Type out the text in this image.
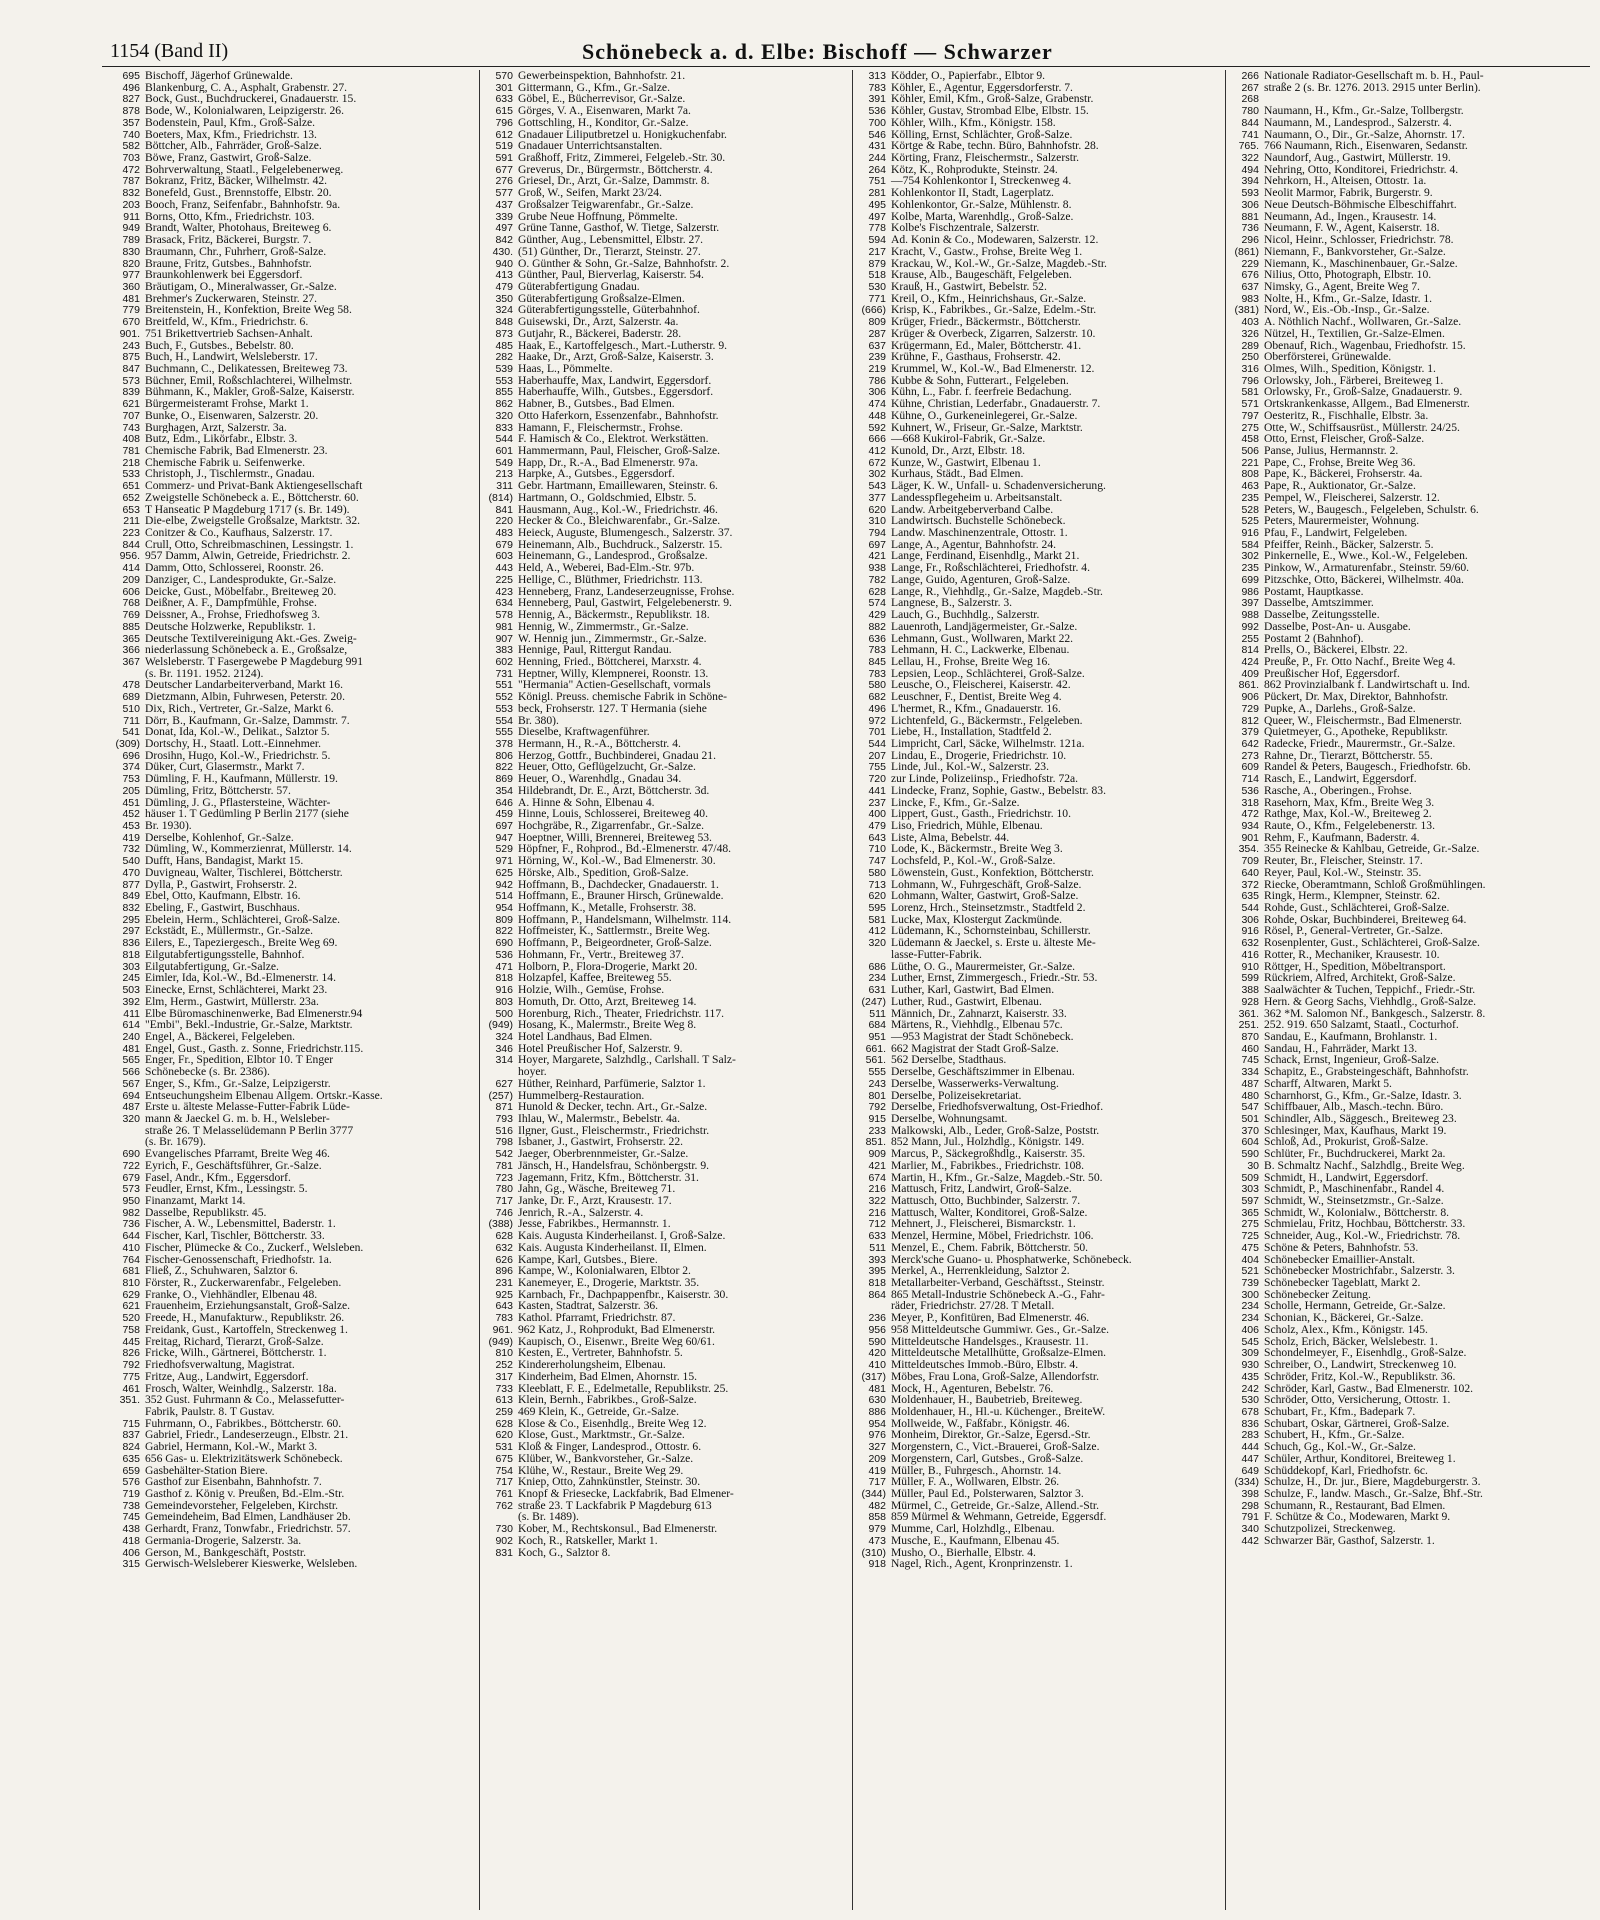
1154 (Band II)	Schönebeck a. d. Elbe: Bischoff — Schwarzer
695 Bischoff, Jägerhof Grünewalde.
496 Blankenburg, C. A., Asphalt, Grabenstr. 27.
827 Bock, Gust., Buchdruckerei, Gnadauerstr. 15.
878 Bode, W., Kolonialwaren, Leipzigerstr. 26.
357 Bodenstein, Paul, Kfm., Groß-Salze.
740 Boeters, Max, Kfm., Friedrichstr. 13.
582 Böttcher, Alb., Fahrräder, Groß-Salze.
703 Böwe, Franz, Gastwirt, Groß-Salze.
472 Bohrverwaltung, Staatl., Felgelebenerweg.
787 Bokranz, Fritz, Bäcker, Wilhelmstr. 42.
832 Bonefeld, Gust., Brennstoffe, Elbstr. 20.
203 Booch, Franz, Seifenfabr., Bahnhofstr. 9a.
911 Borns, Otto, Kfm., Friedrichstr. 103.
949 Brandt, Walter, Photohaus, Breiteweg 6.
789 Brasack, Fritz, Bäckerei, Burgstr. 7.
830 Braumann, Chr., Fuhrherr, Groß-Salze.
820 Braune, Fritz, Gutsbes., Bahnhofstr.
977 Braunkohlenwerk bei Eggersdorf.
360 Bräutigam, O., Mineralwasser, Gr.-Salze.
481 Brehmer's Zuckerwaren, Steinstr. 27.
779 Breitenstein, H., Konfektion, Breite Weg 58.
670 Breitfeld, W., Kfm., Friedrichstr. 6.
901. 751 Brikettvertrieb Sachsen-Anhalt.
243 Buch, F., Gutsbes., Bebelstr. 80.
875 Buch, H., Landwirt, Welsleberstr. 17.
847 Buchmann, C., Delikatessen, Breiteweg 73.
573 Büchner, Emil, Roßschlachterei, Wilhelmstr.
839 Bühmann, K., Makler, Groß-Salze, Kaiserstr.
621 Bürgermeisteramt Frohse, Markt 1.
707 Bunke, O., Eisenwaren, Salzerstr. 20.
743 Burghagen, Arzt, Salzerstr. 3a.
408 Butz, Edm., Likörfabr., Elbstr. 3.
781 Chemische Fabrik, Bad Elmenerstr. 23.
218 Chemische Fabrik u. Seifenwerke.
533 Christoph, J., Tischlermstr., Gnadau.
651 Commerz- und Privat-Bank Aktiengesellschaft
652 Zweigstelle Schönebeck a. E., Böttcherstr. 60.
653 T Hanseatic P Magdeburg 1717 (s. Br. 149).
211 Die-elbe, Zweigstelle Großsalze, Marktstr. 32.
223 Conitzer & Co., Kaufhaus, Salzerstr. 17.
844 Crull, Otto, Schreibmaschinen, Lessingstr. 1.
956. 957 Damm, Alwin, Getreide, Friedrichstr. 2.
414 Damm, Otto, Schlosserei, Roonstr. 26.
209 Danziger, C., Landesprodukte, Gr.-Salze.
606 Deicke, Gust., Möbelfabr., Breiteweg 20.
768 Deißner, A. F., Dampfmühle, Frohse.
769 Deissner, A., Frohse, Friedhofsweg 3.
885 Deutsche Holzwerke, Republikstr. 1.
365 Deutsche Textilvereinigung Akt.-Ges. Zweig-
366 niederlassung Schönebeck a. E., Großsalze,
367 Welsleberstr. T Fasergewebe P Magdeburg 991
(s. Br. 1191. 1952. 2124).
478 Deutscher Landarbeiterverband, Markt 16.
689 Dietzmann, Albin, Fuhrwesen, Peterstr. 20.
510 Dix, Rich., Vertreter, Gr.-Salze, Markt 6.
711 Dörr, B., Kaufmann, Gr.-Salze, Dammstr. 7.
541 Donat, Ida, Kol.-W., Delikat., Salztor 5.
(309) Dortschy, H., Staatl. Lott.-Einnehmer.
696 Drosihn, Hugo, Kol.-W., Friedrichstr. 5.
374 Düker, Curt, Glasermstr., Markt 7.
753 Dümling, F. H., Kaufmann, Müllerstr. 19.
205 Dümling, Fritz, Böttcherstr. 57.
451 Dümling, J. G., Pflastersteine, Wächter-
452 häuser 1. T Gedümling P Berlin 2177 (siehe
453 Br. 1930).
419 Derselbe, Kohlenhof, Gr.-Salze.
732 Dümling, W., Kommerzienrat, Müllerstr. 14.
540 Dufft, Hans, Bandagist, Markt 15.
470 Duvigneau, Walter, Tischlerei, Böttcherstr.
877 Dylla, P., Gastwirt, Frohserstr. 2.
849 Ebel, Otto, Kaufmann, Elbstr. 16.
832 Ebeling, F., Gastwirt, Buschhaus.
295 Ebelein, Herm., Schlächterei, Groß-Salze.
297 Eckstädt, E., Müllermstr., Gr.-Salze.
836 Eilers, E., Tapeziergesch., Breite Weg 69.
818 Eilgutabfertigungsstelle, Bahnhof.
303 Eilgutabfertigung, Gr.-Salze.
245 Eimler, Ida, Kol.-W., Bd.-Elmenerstr. 14.
503 Einecke, Ernst, Schlächterei, Markt 23.
392 Elm, Herm., Gastwirt, Müllerstr. 23a.
411 Elbe Büromaschinenwerke, Bad Elmenerstr.94
614 "Embi", Bekl.-Industrie, Gr.-Salze, Marktstr.
240 Engel, A., Bäckerei, Felgeleben.
481 Engel, Gust., Gasth. z. Sonne, Friedrichstr.115.
565 Enger, Fr., Spedition, Elbtor 10. T Enger
566 Schönebecke (s. Br. 2386).
567 Enger, S., Kfm., Gr.-Salze, Leipzigerstr.
694 Entseuchungsheim Elbenau Allgem. Ortskr.-Kasse.
487 Erste u. älteste Melasse-Futter-Fabrik Lüde-
320 mann & Jaeckel G. m. b. H., Welsleber-
straße 26. T Melasselüdemann P Berlin 3777
(s. Br. 1679).
690 Evangelisches Pfarramt, Breite Weg 46.
722 Eyrich, F., Geschäftsführer, Gr.-Salze.
679 Fasel, Andr., Kfm., Eggersdorf.
573 Feudler, Ernst, Kfm., Lessingstr. 5.
950 Finanzamt, Markt 14.
982 Dasselbe, Republikstr. 45.
736 Fischer, A. W., Lebensmittel, Baderstr. 1.
644 Fischer, Karl, Tischler, Böttcherstr. 33.
410 Fischer, Plümecke & Co., Zuckerf., Welsleben.
764 Fischer-Genossenschaft, Friedhofstr. 1a.
681 Fließ, Z., Schuhwaren, Salztor 6.
810 Förster, R., Zuckerwarenfabr., Felgeleben.
629 Franke, O., Viehhändler, Elbenau 48.
621 Frauenheim, Erziehungsanstalt, Groß-Salze.
520 Freede, H., Manufakturw., Republikstr. 26.
758 Freidank, Gust., Kartoffeln, Streckenweg 1.
445 Freitag, Richard, Tierarzt, Groß-Salze.
826 Fricke, Wilh., Gärtnerei, Böttcherstr. 1.
792 Friedhofsverwaltung, Magistrat.
775 Fritze, Aug., Landwirt, Eggersdorf.
461 Frosch, Walter, Weinhdlg., Salzerstr. 18a.
351. 352 Gust. Fuhrmann & Co., Melassefutter-
Fabrik, Paulstr. 8. T Gustav.
715 Fuhrmann, O., Fabrikbes., Böttcherstr. 60.
837 Gabriel, Friedr., Landeserzeugn., Elbstr. 21.
824 Gabriel, Hermann, Kol.-W., Markt 3.
635 656 Gas- u. Elektrizitätswerk Schönebeck.
659 Gasbehälter-Station Biere.
576 Gasthof zur Eisenbahn, Bahnhofstr. 7.
719 Gasthof z. König v. Preußen, Bd.-Elm.-Str.
738 Gemeindevorsteher, Felgeleben, Kirchstr.
745 Gemeindeheim, Bad Elmen, Landhäuser 2b.
438 Gerhardt, Franz, Tonwfabr., Friedrichstr. 57.
418 Germania-Drogerie, Salzerstr. 3a.
406 Gerson, M., Bankgeschäft, Poststr.
315 Gerwisch-Welsleberer Kieswerke, Welsleben.
570 Gewerbeinspektion, Bahnhofstr. 21.
301 Gittermann, G., Kfm., Gr.-Salze.
633 Göbel, E., Bücherrevisor, Gr.-Salze.
615 Görges, V. A., Eisenwaren, Markt 7a.
796 Gottschling, H., Konditor, Gr.-Salze.
612 Gnadauer Liliputbretzel u. Honigkuchenfabr.
519 Gnadauer Unterrichtsanstalten.
591 Graßhoff, Fritz, Zimmerei, Felgeleb.-Str. 30.
677 Greverus, Dr., Bürgermstr., Böttcherstr. 4.
276 Griesel, Dr., Arzt, Gr.-Salze, Dammstr. 8.
577 Groß, W., Seifen, Markt 23/24.
437 Großsalzer Teigwarenfabr., Gr.-Salze.
339 Grube Neue Hoffnung, Pömmelte.
497 Grüne Tanne, Gasthof, W. Tietge, Salzerstr.
842 Günther, Aug., Lebensmittel, Elbstr. 27.
430. (51) Günther, Dr., Tierarzt, Steinstr. 27.
940 O. Günther & Sohn, Gr.-Salze, Bahnhofstr. 2.
413 Günther, Paul, Bierverlag, Kaiserstr. 54.
479 Güterabfertigung Gnadau.
350 Güterabfertigung Großsalze-Elmen.
324 Güterabfertigungsstelle, Güterbahnhof.
848 Guisewski, Dr., Arzt, Salzerstr. 4a.
873 Gutjahr, R., Bäckerei, Baderstr. 28.
485 Haak, E., Kartoffelgesch., Mart.-Lutherstr. 9.
282 Haake, Dr., Arzt, Groß-Salze, Kaiserstr. 3.
539 Haas, L., Pömmelte.
553 Haberhauffe, Max, Landwirt, Eggersdorf.
855 Haberhauffe, Wilh., Gutsbes., Eggersdorf.
862 Habner, B., Gutsbes., Bad Elmen.
320 Otto Haferkorn, Essenzenfabr., Bahnhofstr.
833 Hamann, F., Fleischermstr., Frohse.
544 F. Hamisch & Co., Elektrot. Werkstätten.
601 Hammermann, Paul, Fleischer, Groß-Salze.
549 Happ, Dr., R.-A., Bad Elmenerstr. 97a.
213 Harpke, A., Gutsbes., Eggersdorf.
311 Gebr. Hartmann, Emaillewaren, Steinstr. 6.
(814) Hartmann, O., Goldschmied, Elbstr. 5.
841 Hausmann, Aug., Kol.-W., Friedrichstr. 46.
220 Hecker & Co., Bleichwarenfabr., Gr.-Salze.
483 Heieck, Auguste, Blumengesch., Salzerstr. 37.
679 Heinemann, Alb., Buchdruck., Salzerstr. 15.
603 Heinemann, G., Landesprod., Großsalze.
443 Held, A., Weberei, Bad-Elm.-Str. 97b.
225 Hellige, C., Blüthmer, Friedrichstr. 113.
423 Henneberg, Franz, Landeserzeugnisse, Frohse.
634 Henneberg, Paul, Gastwirt, Felgelebenerstr. 9.
578 Hennig, A., Bäckermstr., Republikstr. 18.
981 Hennig, W., Zimmermstr., Gr.-Salze.
907 W. Hennig jun., Zimmermstr., Gr.-Salze.
383 Hennige, Paul, Rittergut Randau.
602 Henning, Fried., Böttcherei, Marxstr. 4.
731 Heptner, Willy, Klempnerei, Roonstr. 13.
551 "Hermania" Actien-Gesellschaft, vormals
552 Königl. Preuss. chemische Fabrik in Schöne-
553 beck, Frohserstr. 127. T Hermania (siehe
554 Br. 380).
555 Dieselbe, Kraftwagenführer.
378 Hermann, H., R.-A., Böttcherstr. 4.
806 Herzog, Gottfr., Buchbinderei, Gnadau 21.
822 Heuer, Otto, Geflügelzucht, Gr.-Salze.
869 Heuer, O., Warenhdlg., Gnadau 34.
354 Hildebrandt, Dr. E., Arzt, Böttcherstr. 3d.
646 A. Hinne & Sohn, Elbenau 4.
459 Hinne, Louis, Schlosserei, Breiteweg 40.
697 Hochgräbe, R., Zigarrenfabr., Gr.-Salze.
947 Hoeptner, Willi, Brennerei, Breiteweg 53.
529 Höpfner, F., Rohprod., Bd.-Elmenerstr. 47/48.
971 Hörning, W., Kol.-W., Bad Elmenerstr. 30.
625 Hörske, Alb., Spedition, Groß-Salze.
942 Hoffmann, B., Dachdecker, Gnadauerstr. 1.
514 Hoffmann, E., Brauner Hirsch, Grünewalde.
954 Hoffmann, K., Metalle, Frohserstr. 38.
809 Hoffmann, P., Handelsmann, Wilhelmstr. 114.
822 Hoffmeister, K., Sattlermstr., Breite Weg.
690 Hoffmann, P., Beigeordneter, Groß-Salze.
536 Hohmann, Fr., Vertr., Breiteweg 37.
471 Holborn, P., Flora-Drogerie, Markt 20.
818 Holzapfel, Kaffee, Breiteweg 55.
916 Holzie, Wilh., Gemüse, Frohse.
803 Homuth, Dr. Otto, Arzt, Breiteweg 14.
500 Horenburg, Rich., Theater, Friedrichstr. 117.
(949) Hosang, K., Malermstr., Breite Weg 8.
324 Hotel Landhaus, Bad Elmen.
346 Hotel Preußischer Hof, Salzerstr. 9.
314 Hoyer, Margarete, Salzhdlg., Carlshall. T Salz-
hoyer.
627 Hüther, Reinhard, Parfümerie, Salztor 1.
(257) Hummelberg-Restauration.
871 Hunold & Decker, techn. Art., Gr.-Salze.
793 Ihlau, W., Malermstr., Bebelstr. 4a.
516 Ilgner, Gust., Fleischermstr., Friedrichstr.
798 Isbaner, J., Gastwirt, Frohserstr. 22.
542 Jaeger, Oberbrennmeister, Gr.-Salze.
781 Jänsch, H., Handelsfrau, Schönbergstr. 9.
723 Jagemann, Fritz, Kfm., Böttcherstr. 31.
780 Jahn, Gg., Wäsche, Breiteweg 71.
717 Janke, Dr. F., Arzt, Krausestr. 17.
746 Jenrich, R.-A., Salzerstr. 4.
(388) Jesse, Fabrikbes., Hermannstr. 1.
628 Kais. Augusta Kinderheilanst. I, Groß-Salze.
632 Kais. Augusta Kinderheilanst. II, Elmen.
626 Kampe, Karl, Gutsbes., Biere.
896 Kampe, W., Kolonialwaren, Elbtor 2.
231 Kanemeyer, E., Drogerie, Marktstr. 35.
925 Karnbach, Fr., Dachpappenfbr., Kaiserstr. 30.
643 Kasten, Stadtrat, Salzerstr. 36.
783 Kathol. Pfarramt, Friedrichstr. 87.
961. 962 Katz, J., Rohprodukt, Bad Elmenerstr.
(949) Kaupisch, O., Eisenwr., Breite Weg 60/61.
810 Kesten, E., Vertreter, Bahnhofstr. 5.
252 Kindererholungsheim, Elbenau.
317 Kinderheim, Bad Elmen, Ahornstr. 15.
733 Kleeblatt, F. E., Edelmetalle, Republikstr. 25.
613 Klein, Bernh., Fabrikbes., Groß-Salze.
259 469 Klein, K., Getreide, Gr.-Salze.
628 Klose & Co., Eisenhdlg., Breite Weg 12.
620 Klose, Gust., Marktmstr., Gr.-Salze.
531 Kloß & Finger, Landesprod., Ottostr. 6.
675 Klüber, W., Bankvorsteher, Gr.-Salze.
754 Klühe, W., Restaur., Breite Weg 29.
717 Kniep, Otto, Zahnkünstler, Steinstr. 30.
761 Knopf & Friesecke, Lackfabrik, Bad Elmener-
762 straße 23. T Lackfabrik P Magdeburg 613
(s. Br. 1489).
730 Kober, M., Rechtskonsul., Bad Elmenerstr.
902 Koch, R., Ratskeller, Markt 1.
831 Koch, G., Salztor 8.
313 Ködder, O., Papierfabr., Elbtor 9.
783 Köhler, E., Agentur, Eggersdorferstr. 7.
391 Köhler, Emil, Kfm., Groß-Salze, Grabenstr.
536 Köhler, Gustav, Strombad Elbe, Elbstr. 15.
700 Köhler, Wilh., Kfm., Königstr. 158.
546 Kölling, Ernst, Schlächter, Groß-Salze.
431 Körtge & Rabe, techn. Büro, Bahnhofstr. 28.
244 Körting, Franz, Fleischermstr., Salzerstr.
264 Kötz, K., Rohprodukte, Steinstr. 24.
751 —754 Kohlenkontor I, Streckenweg 4.
281 Kohlenkontor II, Stadt, Lagerplatz.
495 Kohlenkontor, Gr.-Salze, Mühlenstr. 8.
497 Kolbe, Marta, Warenhdlg., Groß-Salze.
778 Kolbe's Fischzentrale, Salzerstr.
594 Ad. Konin & Co., Modewaren, Salzerstr. 12.
217 Kracht, V., Gastw., Frohse, Breite Weg 1.
879 Krackau, W., Kol.-W., Gr.-Salze, Magdeb.-Str.
518 Krause, Alb., Baugeschäft, Felgeleben.
530 Krauß, H., Gastwirt, Bebelstr. 52.
771 Kreil, O., Kfm., Heinrichshaus, Gr.-Salze.
(666) Krisp, K., Fabrikbes., Gr.-Salze, Edelm.-Str.
809 Krüger, Friedr., Bäckermstr., Böttcherstr.
287 Krüger & Overbeck, Zigarren, Salzerstr. 10.
637 Krügermann, Ed., Maler, Böttcherstr. 41.
239 Krühne, F., Gasthaus, Frohserstr. 42.
219 Krummel, W., Kol.-W., Bad Elmenerstr. 12.
786 Kubbe & Sohn, Futterart., Felgeleben.
306 Kühn, L., Fabr. f. feerfreie Bedachung.
474 Kühne, Christian, Lederfabr., Gnadauerstr. 7.
448 Kühne, O., Gurkeneinlegerei, Gr.-Salze.
592 Kuhnert, W., Friseur, Gr.-Salze, Marktstr.
666 —668 Kukirol-Fabrik, Gr.-Salze.
412 Kunold, Dr., Arzt, Elbstr. 18.
672 Kunze, W., Gastwirt, Elbenau 1.
302 Kurhaus, Städt., Bad Elmen.
543 Läger, K. W., Unfall- u. Schadenversicherung.
377 Landesspflegeheim u. Arbeitsanstalt.
620 Landw. Arbeitgeberverband Calbe.
310 Landwirtsch. Buchstelle Schönebeck.
794 Landw. Maschinenzentrale, Ottostr. 1.
697 Lange, A., Agentur, Bahnhofstr. 24.
421 Lange, Ferdinand, Eisenhdlg., Markt 21.
938 Lange, Fr., Roßschlächterei, Friedhofstr. 4.
782 Lange, Guido, Agenturen, Groß-Salze.
628 Lange, R., Viehhdlg., Gr.-Salze, Magdeb.-Str.
574 Langnese, B., Salzerstr. 3.
429 Lauch, G., Buchhdlg., Salzerstr.
882 Lauenroth, Landjägermeister, Gr.-Salze.
636 Lehmann, Gust., Wollwaren, Markt 22.
783 Lehmann, H. C., Lackwerke, Elbenau.
845 Lellau, H., Frohse, Breite Weg 16.
783 Lepsien, Leop., Schlächterei, Groß-Salze.
580 Leusche, O., Fleischerei, Kaiserstr. 42.
682 Leuschner, F., Dentist, Breite Weg 4.
496 L'hermet, R., Kfm., Gnadauerstr. 16.
972 Lichtenfeld, G., Bäckermstr., Felgeleben.
701 Liebe, H., Installation, Stadtfeld 2.
544 Limpricht, Carl, Säcke, Wilhelmstr. 121a.
207 Lindau, E., Drogerie, Friedrichstr. 10.
755 Linde, Jul., Kol.-W., Salzerstr. 23.
720 zur Linde, Polizeiinsp., Friedhofstr. 72a.
441 Lindecke, Franz, Sophie, Gastw., Bebelstr. 83.
237 Lincke, F., Kfm., Gr.-Salze.
400 Lippert, Gust., Gasth., Friedrichstr. 10.
479 Liso, Friedrich, Mühle, Elbenau.
643 Liste, Alma, Bebelstr. 44.
710 Lode, K., Bäckermstr., Breite Weg 3.
747 Lochsfeld, P., Kol.-W., Groß-Salze.
580 Löwenstein, Gust., Konfektion, Böttcherstr.
713 Lohmann, W., Fuhrgeschäft, Groß-Salze.
620 Lohmann, Walter, Gastwirt, Groß-Salze.
595 Lorenz, Hrch., Steinsetzmstr., Stadtfeld 2.
581 Lucke, Max, Klostergut Zackmünde.
412 Lüdemann, K., Schornsteinbau, Schillerstr.
320 Lüdemann & Jaeckel, s. Erste u. älteste Me-
lasse-Futter-Fabrik.
686 Lüthe, O. G., Maurermeister, Gr.-Salze.
234 Luther, Ernst, Zimmergesch., Friedr.-Str. 53.
631 Luther, Karl, Gastwirt, Bad Elmen.
(247) Luther, Rud., Gastwirt, Elbenau.
511 Männich, Dr., Zahnarzt, Kaiserstr. 33.
684 Märtens, R., Viehhdlg., Elbenau 57c.
951 —953 Magistrat der Stadt Schönebeck.
661. 662 Magistrat der Stadt Groß-Salze.
561. 562 Derselbe, Stadthaus.
555 Derselbe, Geschäftszimmer in Elbenau.
243 Derselbe, Wasserwerks-Verwaltung.
801 Derselbe, Polizeisekretariat.
792 Derselbe, Friedhofsverwaltung, Ost-Friedhof.
915 Derselbe, Wohnungsamt.
233 Malkowski, Alb., Leder, Groß-Salze, Poststr.
851. 852 Mann, Jul., Holzhdlg., Königstr. 149.
909 Marcus, P., Säckegroßhdlg., Kaiserstr. 35.
421 Marlier, M., Fabrikbes., Friedrichstr. 108.
674 Martin, H., Kfm., Gr.-Salze, Magdeb.-Str. 50.
216 Mattusch, Fritz, Landwirt, Groß-Salze.
322 Mattusch, Otto, Buchbinder, Salzerstr. 7.
216 Mattusch, Walter, Konditorei, Groß-Salze.
712 Mehnert, J., Fleischerei, Bismarckstr. 1.
633 Menzel, Hermine, Möbel, Friedrichstr. 106.
511 Menzel, E., Chem. Fabrik, Böttcherstr. 50.
393 Merck'sche Guano- u. Phosphatwerke, Schönebeck.
395 Merkel, A., Herrenkleidung, Salztor 2.
818 Metallarbeiter-Verband, Geschäftsst., Steinstr.
864 865 Metall-Industrie Schönebeck A.-G., Fahr-
räder, Friedrichstr. 27/28. T Metall.
236 Meyer, P., Konfitüren, Bad Elmenerstr. 46.
956 958 Mitteldeutsche Gummiwr. Ges., Gr.-Salze.
590 Mitteldeutsche Handelsges., Krausestr. 11.
420 Mitteldeutsche Metallhütte, Großsalze-Elmen.
410 Mitteldeutsches Immob.-Büro, Elbstr. 4.
(317) Möbes, Frau Lona, Groß-Salze, Allendorfstr.
481 Mock, H., Agenturen, Bebelstr. 76.
630 Moldenhauer, H., Baubetrieb, Breiteweg.
886 Moldenhauer, H., Hl.-u. Küchenger., BreiteW.
954 Mollweide, W., Faßfabr., Königstr. 46.
976 Monheim, Direktor, Gr.-Salze, Egersd.-Str.
327 Morgenstern, C., Vict.-Brauerei, Groß-Salze.
209 Morgenstern, Carl, Gutsbes., Groß-Salze.
419 Müller, B., Fuhrgesch., Ahornstr. 14.
717 Müller, F. A., Wollwaren, Elbstr. 26.
(344) Müller, Paul Ed., Polsterwaren, Salztor 3.
482 Mürmel, C., Getreide, Gr.-Salze, Allend.-Str.
858 859 Mürmel & Wehmann, Getreide, Eggersdf.
979 Mumme, Carl, Holzhdlg., Elbenau.
473 Musche, E., Kaufmann, Elbenau 45.
(310) Musho, O., Bierhalle, Elbstr. 4.
918 Nagel, Rich., Agent, Kronprinzenstr. 1.
266 Nationale Radiator-Gesellschaft m. b. H., Paul-
267 straße 2 (s. Br. 1276. 2013. 2915 unter Berlin).
268
780 Naumann, H., Kfm., Gr.-Salze, Tollbergstr.
844 Naumann, M., Landesprod., Salzerstr. 4.
741 Naumann, O., Dir., Gr.-Salze, Ahornstr. 17.
765. 766 Naumann, Rich., Eisenwaren, Sedanstr.
322 Naundorf, Aug., Gastwirt, Müllerstr. 19.
494 Nehring, Otto, Konditorei, Friedrichstr. 4.
394 Nehrkorn, H., Alteisen, Ottostr. 1a.
593 Neolit Marmor, Fabrik, Burgerstr. 9.
306 Neue Deutsch-Böhmische Elbeschiffahrt.
881 Neumann, Ad., Ingen., Krausestr. 14.
736 Neumann, F. W., Agent, Kaiserstr. 18.
296 Nicol, Heinr., Schlosser, Friedrichstr. 78.
(861) Niemann, F., Bankvorsteher, Gr.-Salze.
229 Niemann, K., Maschinenbauer, Gr.-Salze.
676 Nilius, Otto, Photograph, Elbstr. 10.
637 Nimsky, G., Agent, Breite Weg 7.
983 Nolte, H., Kfm., Gr.-Salze, Idastr. 1.
(381) Nord, W., Eis.-Ob.-Insp., Gr.-Salze.
403 A. Nöthlich Nachf., Wollwaren, Gr.-Salze.
326 Nützel, H., Textilien, Gr.-Salze-Elmen.
289 Obenauf, Rich., Wagenbau, Friedhofstr. 15.
250 Oberförsterei, Grünewalde.
316 Olmes, Wilh., Spedition, Königstr. 1.
796 Orlowsky, Joh., Färberei, Breiteweg 1.
581 Orlowsky, Fr., Groß-Salze, Gnadauerstr. 9.
571 Ortskrankenkasse, Allgem., Bad Elmenerstr.
797 Oesteritz, R., Fischhalle, Elbstr. 3a.
275 Otte, W., Schiffsausrüst., Müllerstr. 24/25.
458 Otto, Ernst, Fleischer, Groß-Salze.
506 Panse, Julius, Hermannstr. 2.
221 Pape, C., Frohse, Breite Weg 36.
808 Pape, K., Bäckerei, Frohserstr. 4a.
463 Pape, R., Auktionator, Gr.-Salze.
235 Pempel, W., Fleischerei, Salzerstr. 12.
528 Peters, W., Baugesch., Felgeleben, Schulstr. 6.
525 Peters, Maurermeister, Wohnung.
916 Pfau, F., Landwirt, Felgeleben.
584 Pfeiffer, Reinh., Bäcker, Salzerstr. 5.
302 Pinkernelle, E., Wwe., Kol.-W., Felgeleben.
235 Pinkow, W., Armaturenfabr., Steinstr. 59/60.
699 Pitzschke, Otto, Bäckerei, Wilhelmstr. 40a.
986 Postamt, Hauptkasse.
397 Dasselbe, Amtszimmer.
988 Dasselbe, Zeitungsstelle.
992 Dasselbe, Post-An- u. Ausgabe.
255 Postamt 2 (Bahnhof).
814 Prells, O., Bäckerei, Elbstr. 22.
424 Preuße, P., Fr. Otto Nachf., Breite Weg 4.
409 Preußischer Hof, Eggersdorf.
861. 862 Provinzialbank f. Landwirtschaft u. Ind.
906 Pückert, Dr. Max, Direktor, Bahnhofstr.
729 Pupke, A., Darlehs., Groß-Salze.
812 Queer, W., Fleischermstr., Bad Elmenerstr.
379 Quietmeyer, G., Apotheke, Republikstr.
642 Radecke, Friedr., Maurermstr., Gr.-Salze.
273 Rahne, Dr., Tierarzt, Böttcherstr. 55.
609 Randel & Peters, Baugesch., Friedhofstr. 6b.
714 Rasch, E., Landwirt, Eggersdorf.
536 Rasche, A., Oberingen., Frohse.
318 Rasehorn, Max, Kfm., Breite Weg 3.
472 Rathge, Max, Kol.-W., Breiteweg 2.
934 Raute, O., Kfm., Felgelebenerstr. 13.
901 Rehm, F., Kaufmann, Baderstr. 4.
354. 355 Reinecke & Kahlbau, Getreide, Gr.-Salze.
709 Reuter, Br., Fleischer, Steinstr. 17.
640 Reyer, Paul, Kol.-W., Steinstr. 35.
372 Riecke, Oberamtmann, Schloß Großmühlingen.
635 Ringk, Herm., Klempner, Steinstr. 62.
544 Rohde, Gust., Schlächterei, Groß-Salze.
306 Rohde, Oskar, Buchbinderei, Breiteweg 64.
916 Rösel, P., General-Vertreter, Gr.-Salze.
632 Rosenplenter, Gust., Schlächterei, Groß-Salze.
416 Rotter, R., Mechaniker, Krausestr. 10.
910 Röttger, H., Spedition, Möbeltransport.
599 Rückriem, Alfred, Architekt, Groß-Salze.
388 Saalwächter & Tuchen, Teppichf., Friedr.-Str.
928 Hern. & Georg Sachs, Viehhdlg., Groß-Salze.
361. 362 *M. Salomon Nf., Bankgesch., Salzerstr. 8.
251. 252. 919. 650 Salzamt, Staatl., Cocturhof.
870 Sandau, E., Kaufmann, Brohlanstr. 1.
460 Sandau, H., Fahrräder, Markt 13.
745 Schack, Ernst, Ingenieur, Groß-Salze.
334 Schapitz, E., Grabsteingeschäft, Bahnhofstr.
487 Scharff, Altwaren, Markt 5.
480 Scharnhorst, G., Kfm., Gr.-Salze, Idastr. 3.
547 Schiffbauer, Alb., Masch.-techn. Büro.
501 Schindler, Alb., Säggesch., Breiteweg 23.
370 Schlesinger, Max, Kaufhaus, Markt 19.
604 Schloß, Ad., Prokurist, Groß-Salze.
590 Schlüter, Fr., Buchdruckerei, Markt 2a.
30 B. Schmaltz Nachf., Salzhdlg., Breite Weg.
509 Schmidt, H., Landwirt, Eggersdorf.
303 Schmidt, P., Maschinenfabr., Randel 4.
597 Schmidt, W., Steinsetzmstr., Gr.-Salze.
365 Schmidt, W., Kolonialw., Böttcherstr. 8.
275 Schmielau, Fritz, Hochbau, Böttcherstr. 33.
725 Schneider, Aug., Kol.-W., Friedrichstr. 78.
475 Schöne & Peters, Bahnhofstr. 53.
404 Schönebecker Emaillier-Anstalt.
521 Schönebecker Mostrichfabr., Salzerstr. 3.
739 Schönebecker Tageblatt, Markt 2.
300 Schönebecker Zeitung.
234 Scholle, Hermann, Getreide, Gr.-Salze.
234 Schonian, K., Bäckerei, Gr.-Salze.
406 Scholz, Alex., Kfm., Königstr. 145.
545 Scholz, Erich, Bäcker, Welslebestr. 1.
309 Schondelmeyer, F., Eisenhdlg., Groß-Salze.
930 Schreiber, O., Landwirt, Streckenweg 10.
435 Schröder, Fritz, Kol.-W., Republikstr. 36.
242 Schröder, Karl, Gastw., Bad Elmenerstr. 102.
530 Schröder, Otto, Versicherung, Ottostr. 1.
678 Schubart, Fr., Kfm., Badepark 7.
836 Schubart, Oskar, Gärtnerei, Groß-Salze.
283 Schubert, H., Kfm., Gr.-Salze.
444 Schuch, Gg., Kol.-W., Gr.-Salze.
447 Schüler, Arthur, Konditorei, Breiteweg 1.
649 Schüddekopf, Karl, Friedhofstr. 6c.
(334) Schulze, H., Dr. jur., Biere, Magdeburgerstr. 3.
398 Schulze, F., landw. Masch., Gr.-Salze, Bhf.-Str.
298 Schumann, R., Restaurant, Bad Elmen.
791 F. Schütze & Co., Modewaren, Markt 9.
340 Schutzpolizei, Streckenweg.
442 Schwarzer Bär, Gasthof, Salzerstr. 1.
